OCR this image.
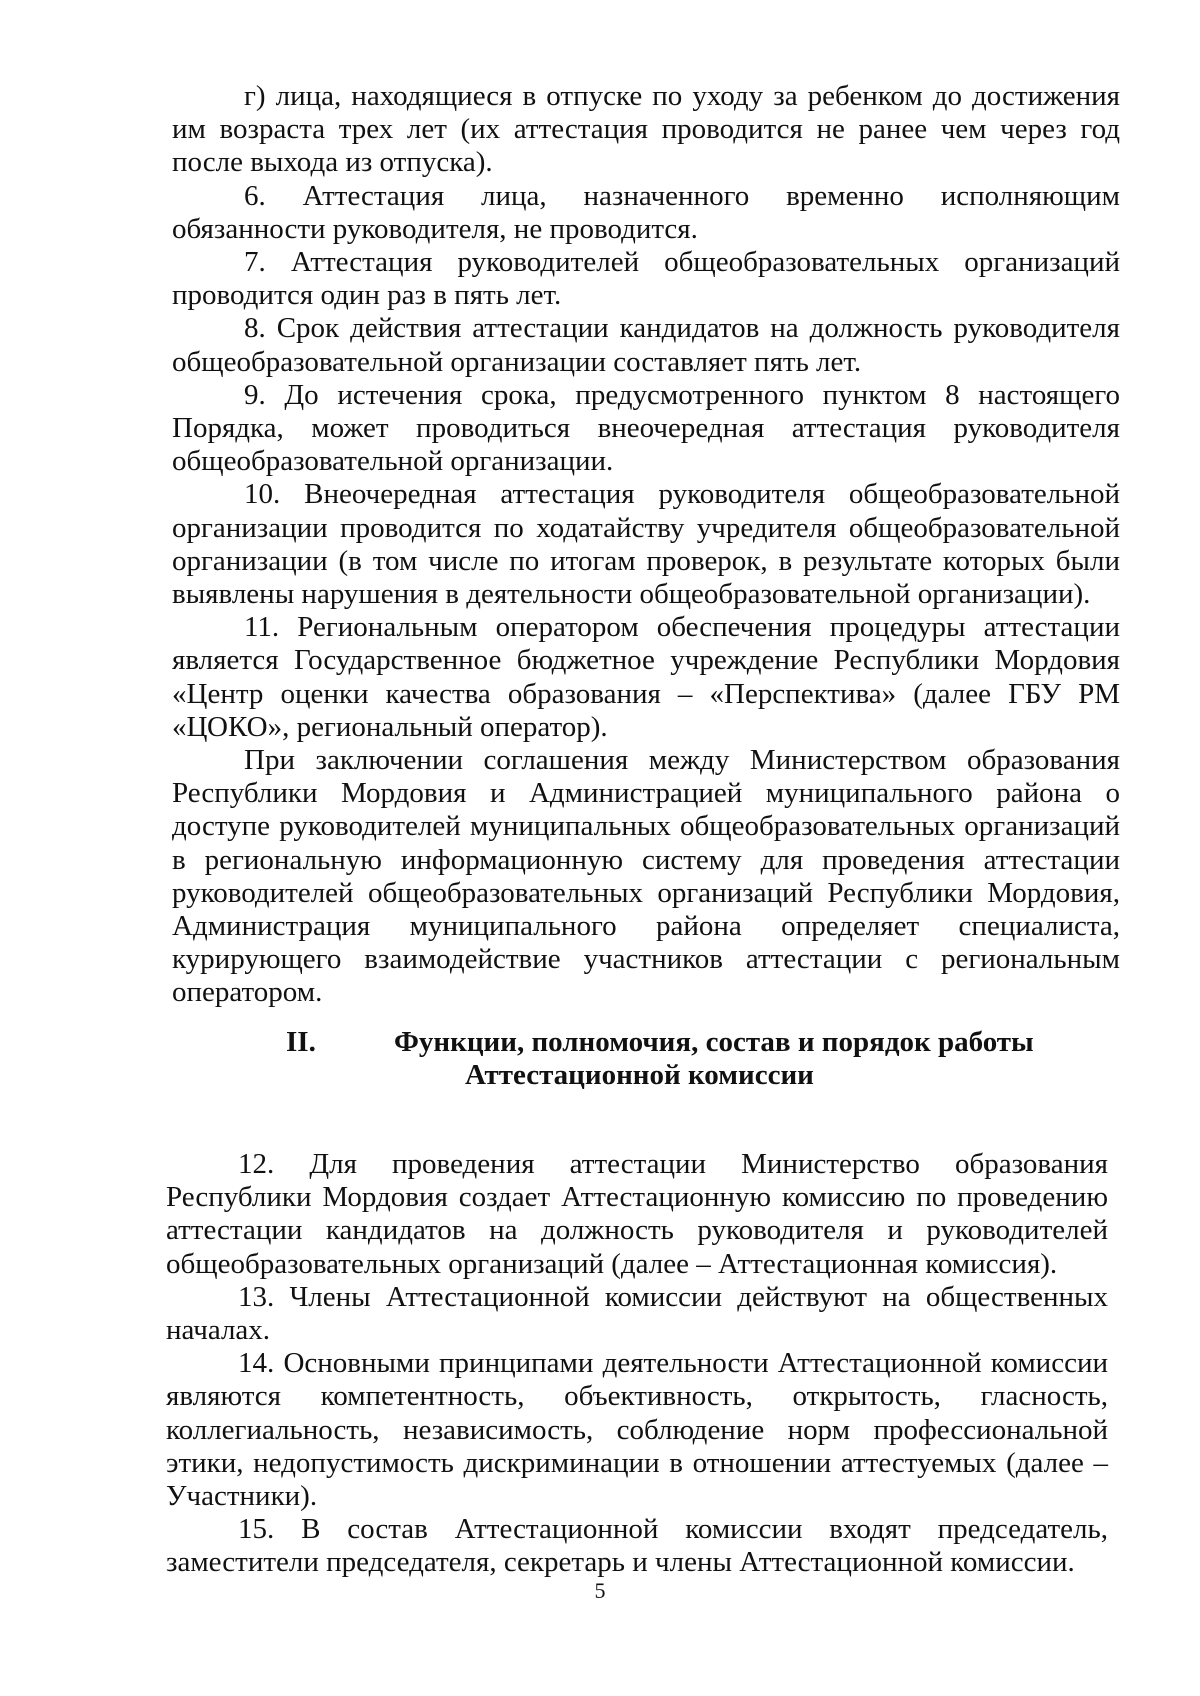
г) лица, находящиеся в отпуске по уходу за ребенком до достижения им возраста трех лет (их аттестация проводится не ранее чем через год после выхода из отпуска).

6. Аттестация лица, назначенного временно исполняющим обязанности руководителя, не проводится.

7. Аттестация руководителей общеобразовательных организаций проводится один раз в пять лет.

8. Срок действия аттестации кандидатов на должность руководителя общеобразовательной организации составляет пять лет.

9. До истечения срока, предусмотренного пунктом 8 настоящего Порядка, может проводиться внеочередная аттестация руководителя общеобразовательной организации.

10. Внеочередная аттестация руководителя общеобразовательной организации проводится по ходатайству учредителя общеобразовательной организации (в том числе по итогам проверок, в результате которых были выявлены нарушения в деятельности общеобразовательной организации).

11. Региональным оператором обеспечения процедуры аттестации является Государственное бюджетное учреждение Республики Мордовия «Центр оценки качества образования – «Перспектива» (далее ГБУ РМ «ЦОКО», региональный оператор).

При заключении соглашения между Министерством образования Республики Мордовия и Администрацией муниципального района о доступе руководителей муниципальных общеобразовательных организаций в региональную информационную систему для проведения аттестации руководителей общеобразовательных организаций Республики Мордовия, Администрация муниципального района определяет специалиста, курирующего взаимодействие участников аттестации с региональным оператором.

II.	Функции, полномочия, состав и порядок работы
Аттестационной комиссии

12. Для проведения аттестации Министерство образования Республики Мордовия создает Аттестационную комиссию по проведению аттестации кандидатов на должность руководителя и руководителей общеобразовательных организаций (далее – Аттестационная комиссия).

13. Члены Аттестационной комиссии действуют на общественных началах.

14. Основными принципами деятельности Аттестационной комиссии являются компетентность, объективность, открытость, гласность, коллегиальность, независимость, соблюдение норм профессиональной этики, недопустимость дискриминации в отношении аттестуемых (далее – Участники).

15. В состав Аттестационной комиссии входят председатель, заместители председателя, секретарь и члены Аттестационной комиссии.

5
